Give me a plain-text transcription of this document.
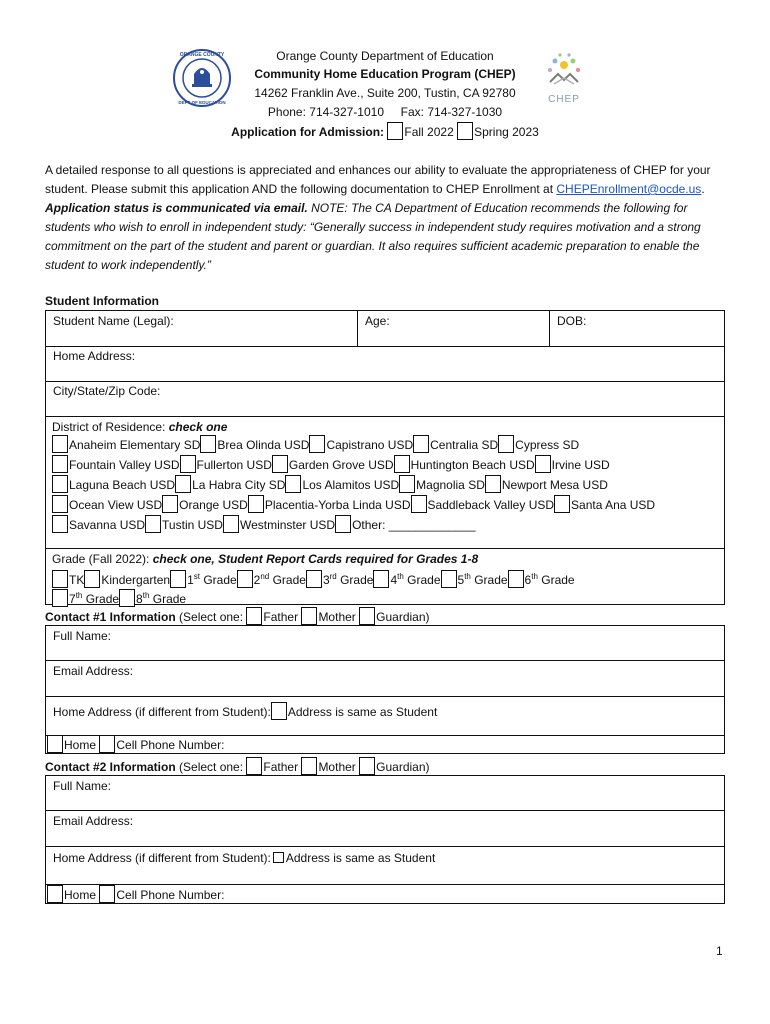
ORANGE COUNTY
DEPT OF EDUCATION	CHEP
Orange County Department of Education
Community Home Education Program (CHEP)
14262 Franklin Ave., Suite 200, Tustin, CA 92780
Phone: 714-327-1010     Fax: 714-327-1030
Application for Admission: Fall 2022 Spring 2023
A detailed response to all questions is appreciated and enhances our ability to evaluate the appropriateness of CHEP for your student. Please submit this application AND the following documentation to CHEP Enrollment at CHEPEnrollment@ocde.us. Application status is communicated via email. NOTE: The CA Department of Education recommends the following for students who wish to enroll in independent study: “Generally success in independent study requires motivation and a strong commitment on the part of the student and parent or guardian. It also requires sufficient academic preparation to enable the student to work independently.”
Student Information
Student Name (Legal):	Age:	DOB:
Home Address:
City/State/Zip Code:
District of Residence: check one
Anaheim Elementary SD Brea Olinda USD Capistrano USD Centralia SD Cypress SD
Fountain Valley USD Fullerton USD Garden Grove USD Huntington Beach USD Irvine USD
Laguna Beach USD La Habra City SD Los Alamitos USD Magnolia SD Newport Mesa USD
Ocean View USD Orange USD Placentia-Yorba Linda USD Saddleback Valley USD Santa Ana USD
Savanna USD Tustin USD Westminster USD Other: _____________
Grade (Fall 2022): check one, Student Report Cards required for Grades 1-8
TK Kindergarten 1st Grade 2nd Grade 3rd Grade 4th Grade 5th Grade 6th Grade
7th Grade 8th Grade
Contact #1 Information (Select one: Father Mother Guardian)
Full Name:
Email Address:
Home Address (if different from Student): Address is same as Student
Home Cell Phone Number:
Contact #2 Information (Select one: Father Mother Guardian)
Full Name:
Email Address:
Home Address (if different from Student): Address is same as Student
Home Cell Phone Number:
1
